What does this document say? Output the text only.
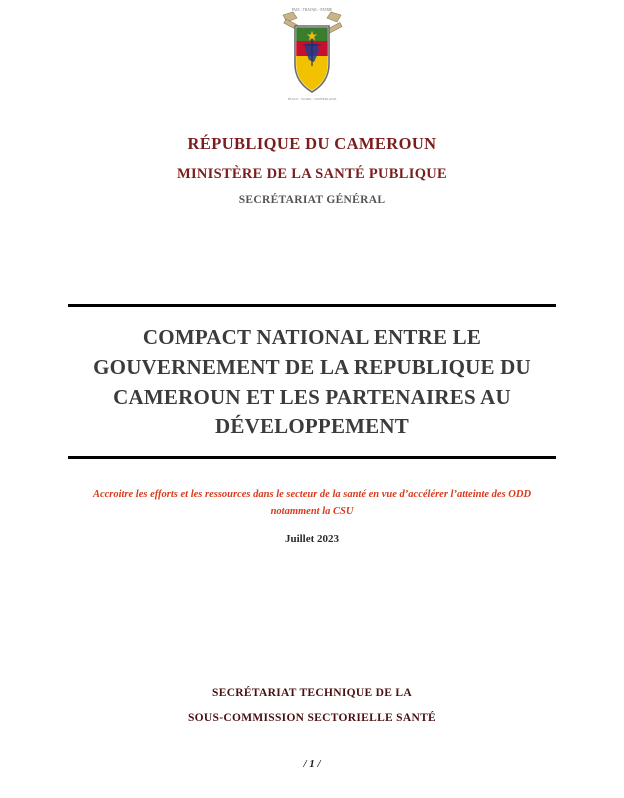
PAIX - TRAVAIL - PATRIE
PEACE - WORK - FATHERLAND
RÉPUBLIQUE DU CAMEROUN
MINISTÈRE DE LA SANTÉ PUBLIQUE
SECRÉTARIAT GÉNÉRAL
COMPACT NATIONAL ENTRE LE GOUVERNEMENT DE LA REPUBLIQUE DU CAMEROUN ET LES PARTENAIRES AU DÉVELOPPEMENT
Accroitre les efforts et les ressources dans le secteur de la santé en vue d’accélérer l’atteinte des ODD notamment la CSU
Juillet 2023
SECRÉTARIAT TECHNIQUE DE LA
SOUS-COMMISSION SECTORIELLE SANTÉ
/ 1 /
